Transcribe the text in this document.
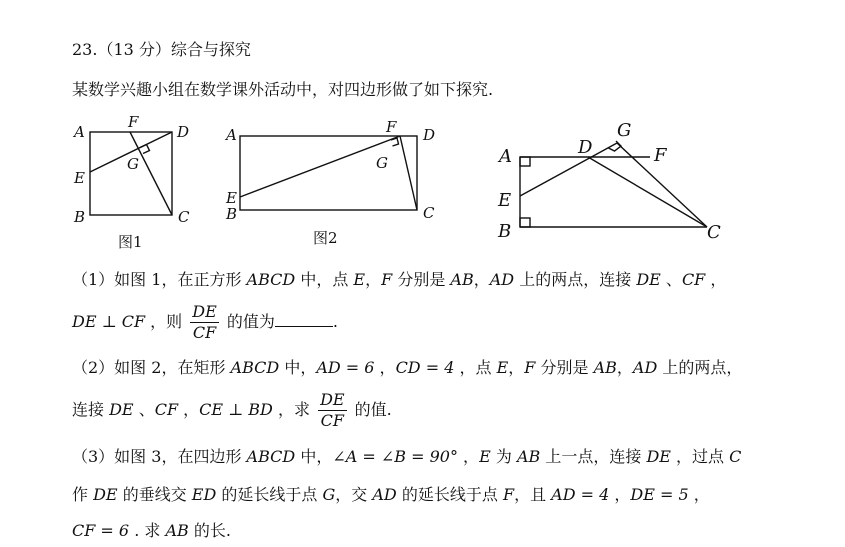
23.（13 分）综合与探究
某数学兴趣小组在数学课外活动中，对四边形做了如下探究.
A
F
D
G
E
B	C
图1
A	F D
G
E
B	C
图2
A	D
G
F
E
B	C
（1）如图 1，在正方形 ABCD 中，点 E，F 分别是 AB，AD 上的两点，连接 DE 、CF ，
DE ⊥ CF ，则 $\frac{DE}{CF}$ 的值为	.
（2）如图 2，在矩形 ABCD 中，AD = 6 ，CD = 4 ，点 E，F 分别是 AB，AD 上的两点，
连接 DE 、CF ，CE ⊥ BD ，求 $\frac{DE}{CF}$ 的值.
（3）如图 3，在四边形 ABCD 中，∠A = ∠B = 90° ，E 为 AB 上一点，连接 DE ，过点 C
作 DE 的垂线交 ED 的延长线于点 G，交 AD 的延长线于点 F，且 AD = 4 ，DE = 5 ，
CF = 6 . 求 AB 的长.
